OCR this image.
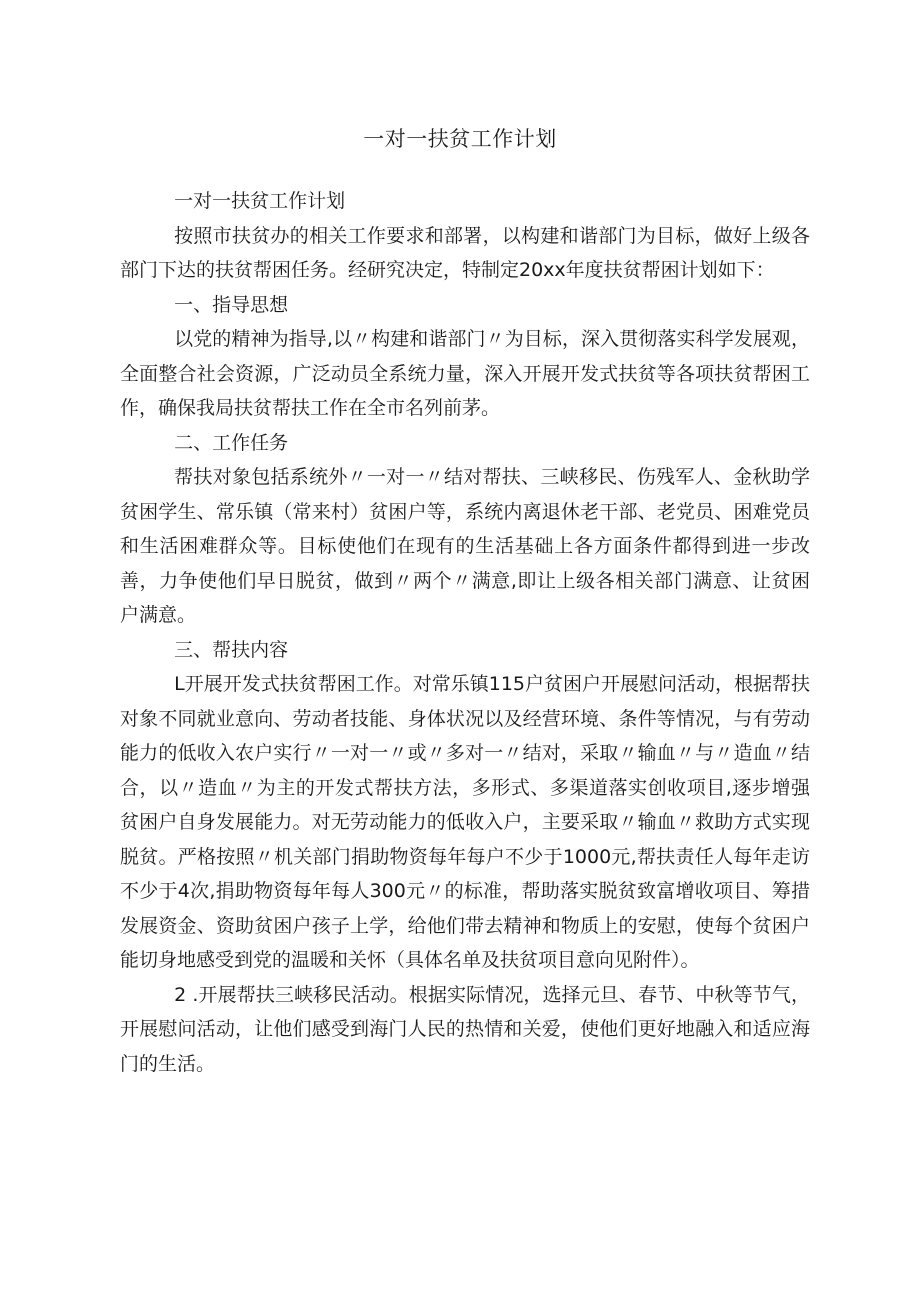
一对一扶贫工作计划

一对一扶贫工作计划

按照市扶贫办的相关工作要求和部署，以构建和谐部门为目标，做好上级各部门下达的扶贫帮困任务。经研究决定，特制定20xx年度扶贫帮困计划如下：

一、指导思想

以党的精神为指导,以〃构建和谐部门〃为目标，深入贯彻落实科学发展观，全面整合社会资源，广泛动员全系统力量，深入开展开发式扶贫等各项扶贫帮困工作，确保我局扶贫帮扶工作在全市名列前茅。

二、工作任务

帮扶对象包括系统外〃一对一〃结对帮扶、三峡移民、伤残军人、金秋助学贫困学生、常乐镇（常来村）贫困户等，系统内离退休老干部、老党员、困难党员和生活困难群众等。目标使他们在现有的生活基础上各方面条件都得到进一步改善，力争使他们早日脱贫，做到〃两个〃满意,即让上级各相关部门满意、让贫困户满意。

三、帮扶内容

L开展开发式扶贫帮困工作。对常乐镇115户贫困户开展慰问活动，根据帮扶对象不同就业意向、劳动者技能、身体状况以及经营环境、条件等情况，与有劳动能力的低收入农户实行〃一对一〃或〃多对一〃结对，采取〃输血〃与〃造血〃结合，以〃造血〃为主的开发式帮扶方法，多形式、多渠道落实创收项目,逐步增强贫困户自身发展能力。对无劳动能力的低收入户，主要采取〃输血〃救助方式实现脱贫。严格按照〃机关部门捐助物资每年每户不少于1000元,帮扶责任人每年走访不少于4次,捐助物资每年每人300元〃的标准，帮助落实脱贫致富增收项目、筹措发展资金、资助贫困户孩子上学，给他们带去精神和物质上的安慰，使每个贫困户能切身地感受到党的温暖和关怀（具体名单及扶贫项目意向见附件）。

2 .开展帮扶三峡移民活动。根据实际情况，选择元旦、春节、中秋等节气，开展慰问活动，让他们感受到海门人民的热情和关爱，使他们更好地融入和适应海门的生活。
